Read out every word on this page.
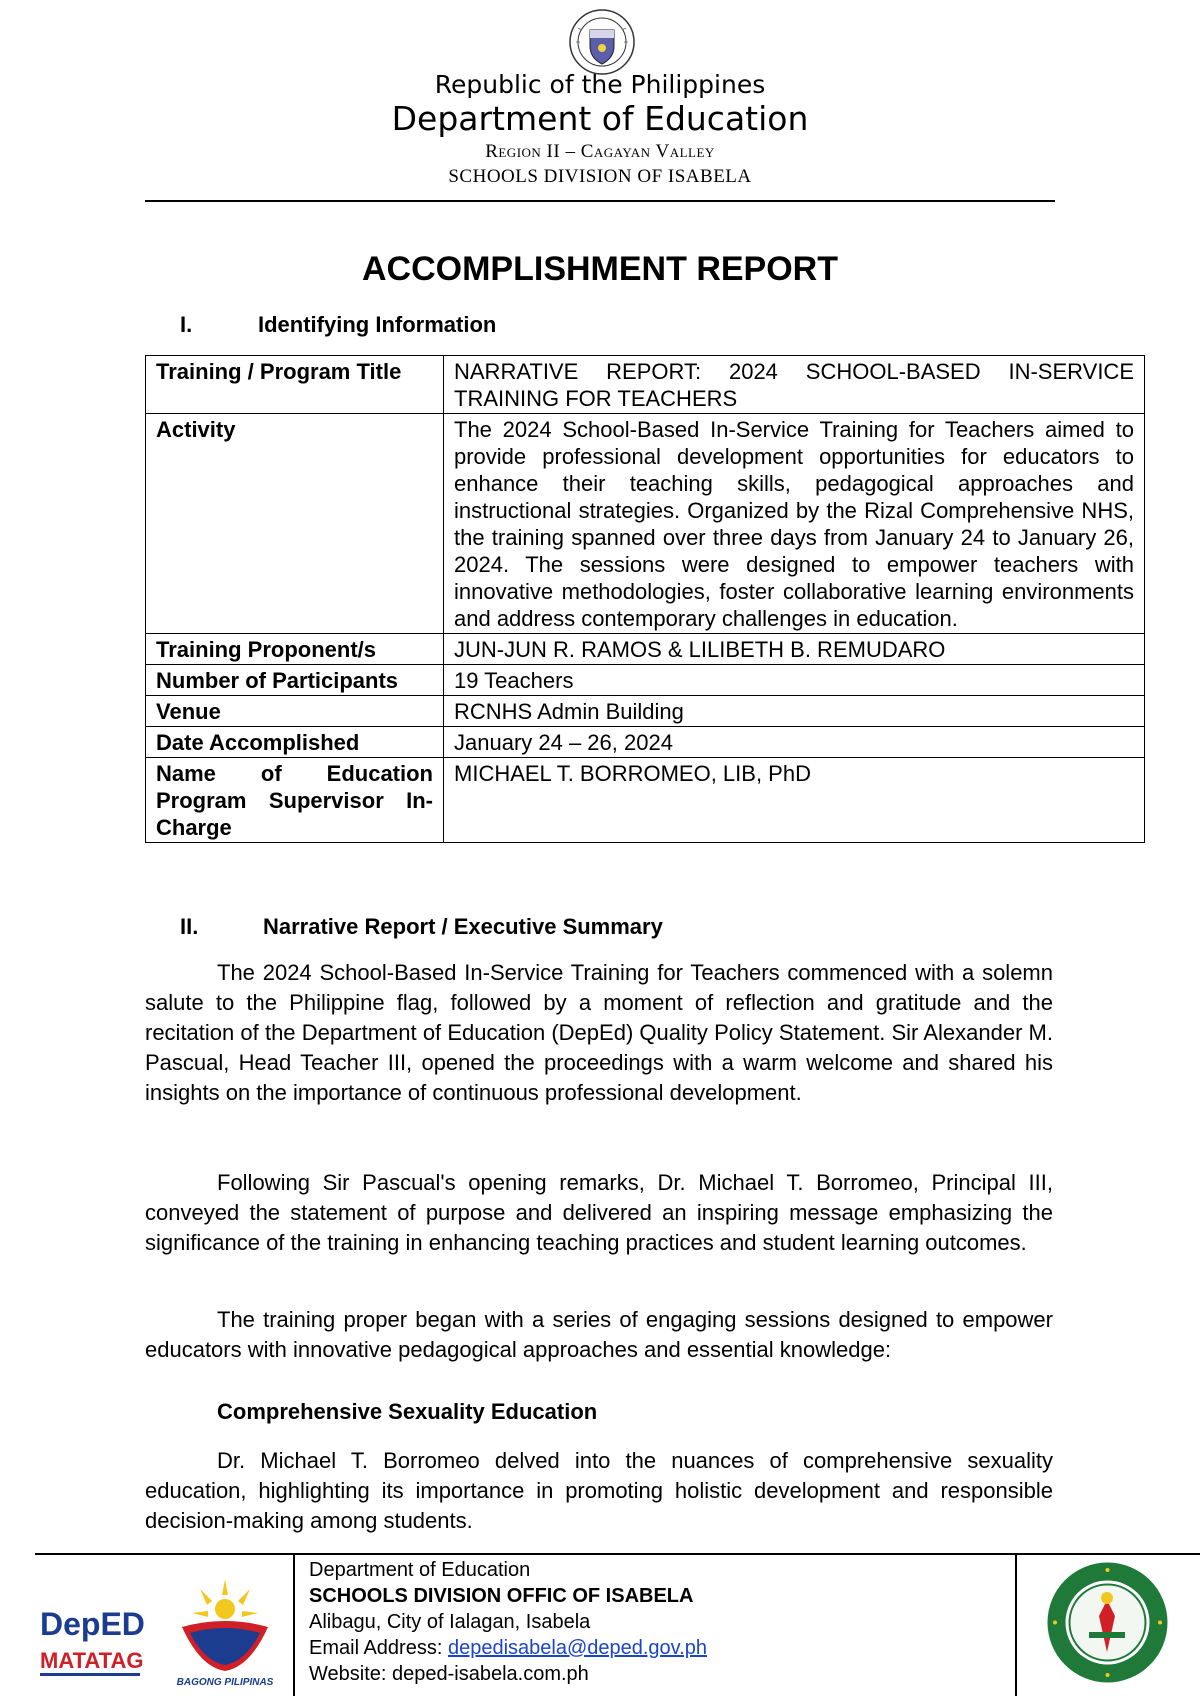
Republic of the Philippines
Department of Education
Region II – Cagayan Valley
SCHOOLS DIVISION OF ISABELA
ACCOMPLISHMENT REPORT
I.	Identifying Information
Training / Program Title	NARRATIVE REPORT: 2024 SCHOOL-BASED IN-SERVICE TRAINING FOR TEACHERS
Activity	The 2024 School-Based In-Service Training for Teachers aimed to provide professional development opportunities for educators to enhance their teaching skills, pedagogical approaches and instructional strategies. Organized by the Rizal Comprehensive NHS, the training spanned over three days from January 24 to January 26, 2024. The sessions were designed to empower teachers with innovative methodologies, foster collaborative learning environments and address contemporary challenges in education.
Training Proponent/s	JUN-JUN R. RAMOS & LILIBETH B. REMUDARO
Number of Participants	19 Teachers
Venue	RCNHS Admin Building
Date Accomplished	January 24 – 26, 2024
Name of Education Program Supervisor In-Charge	MICHAEL T. BORROMEO, LIB, PhD
II.	Narrative Report / Executive Summary

The 2024 School-Based In-Service Training for Teachers commenced with a solemn salute to the Philippine flag, followed by a moment of reflection and gratitude and the recitation of the Department of Education (DepEd) Quality Policy Statement. Sir Alexander M. Pascual, Head Teacher III, opened the proceedings with a warm welcome and shared his insights on the importance of continuous professional development.

Following Sir Pascual's opening remarks, Dr. Michael T. Borromeo, Principal III, conveyed the statement of purpose and delivered an inspiring message emphasizing the significance of the training in enhancing teaching practices and student learning outcomes.

The training proper began with a series of engaging sessions designed to empower educators with innovative pedagogical approaches and essential knowledge:

Comprehensive Sexuality Education

Dr. Michael T. Borromeo delved into the nuances of comprehensive sexuality education, highlighting its importance in promoting holistic development and responsible decision-making among students.

DepED
MATATAG
BAGONG PILIPINAS
Department of Education
SCHOOLS DIVISION OFFIC OF ISABELA
Alibagu, City of Ialagan, Isabela
Email Address: depedisabela@deped.gov.ph
Website: deped-isabela.com.ph
